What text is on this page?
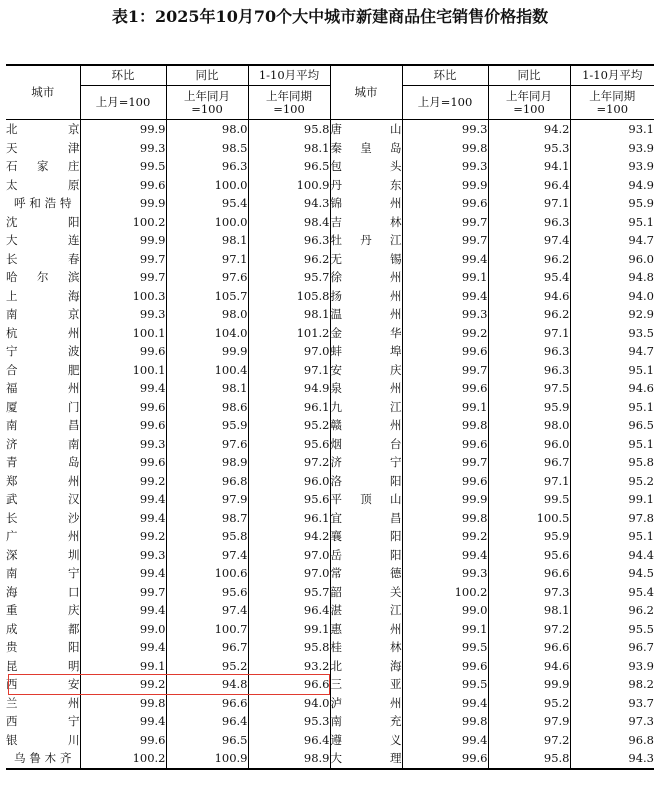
表1：2025年10月70个大中城市新建商品住宅销售价格指数
城市	环比	同比	1-10月平均	城市	环比	同比	1-10月平均
	上月=100	上年同月=100	上年同期=100		上月=100	上年同月=100	上年同期=100
北京	99.9	98.0	95.8	唐山	99.3	94.2	93.1
天津	99.3	98.5	98.1	秦皇岛	99.8	95.3	93.9
石家庄	99.5	96.3	96.5	包头	99.3	94.1	93.9
太原	99.6	100.0	100.9	丹东	99.9	96.4	94.9
呼和浩特	99.9	95.4	94.3	锦州	99.6	97.1	95.9
沈阳	100.2	100.0	98.4	吉林	99.7	96.3	95.1
大连	99.9	98.1	96.3	牡丹江	99.7	97.4	94.7
长春	99.7	97.1	96.2	无锡	99.4	96.2	96.0
哈尔滨	99.7	97.6	95.7	徐州	99.1	95.4	94.8
上海	100.3	105.7	105.8	扬州	99.4	94.6	94.0
南京	99.3	98.0	98.1	温州	99.3	96.2	92.9
杭州	100.1	104.0	101.2	金华	99.2	97.1	93.5
宁波	99.6	99.9	97.0	蚌埠	99.6	96.3	94.7
合肥	100.1	100.4	97.1	安庆	99.7	96.3	95.1
福州	99.4	98.1	94.9	泉州	99.6	97.5	94.6
厦门	99.6	98.6	96.1	九江	99.1	95.9	95.1
南昌	99.6	95.9	95.2	赣州	99.8	98.0	96.5
济南	99.3	97.6	95.6	烟台	99.6	96.0	95.1
青岛	99.6	98.9	97.2	济宁	99.7	96.7	95.8
郑州	99.2	96.8	96.0	洛阳	99.6	97.1	95.2
武汉	99.4	97.9	95.6	平顶山	99.9	99.5	99.1
长沙	99.4	98.7	96.1	宜昌	99.8	100.5	97.8
广州	99.2	95.8	94.2	襄阳	99.2	95.9	95.1
深圳	99.3	97.4	97.0	岳阳	99.4	95.6	94.4
南宁	99.4	100.6	97.0	常德	99.3	96.6	94.5
海口	99.7	95.6	95.7	韶关	100.2	97.3	95.4
重庆	99.4	97.4	96.4	湛江	99.0	98.1	96.2
成都	99.0	100.7	99.1	惠州	99.1	97.2	95.5
贵阳	99.4	96.7	95.8	桂林	99.5	96.6	96.7
昆明	99.1	95.2	93.2	北海	99.6	94.6	93.9
西安	99.2	94.8	96.6	三亚	99.5	99.9	98.2
兰州	99.8	96.6	94.0	泸州	99.4	95.2	93.7
西宁	99.4	96.4	95.3	南充	99.8	97.9	97.3
银川	99.6	96.5	96.4	遵义	99.4	97.2	96.8
乌鲁木齐	100.2	100.9	98.9	大理	99.6	95.8	94.3
